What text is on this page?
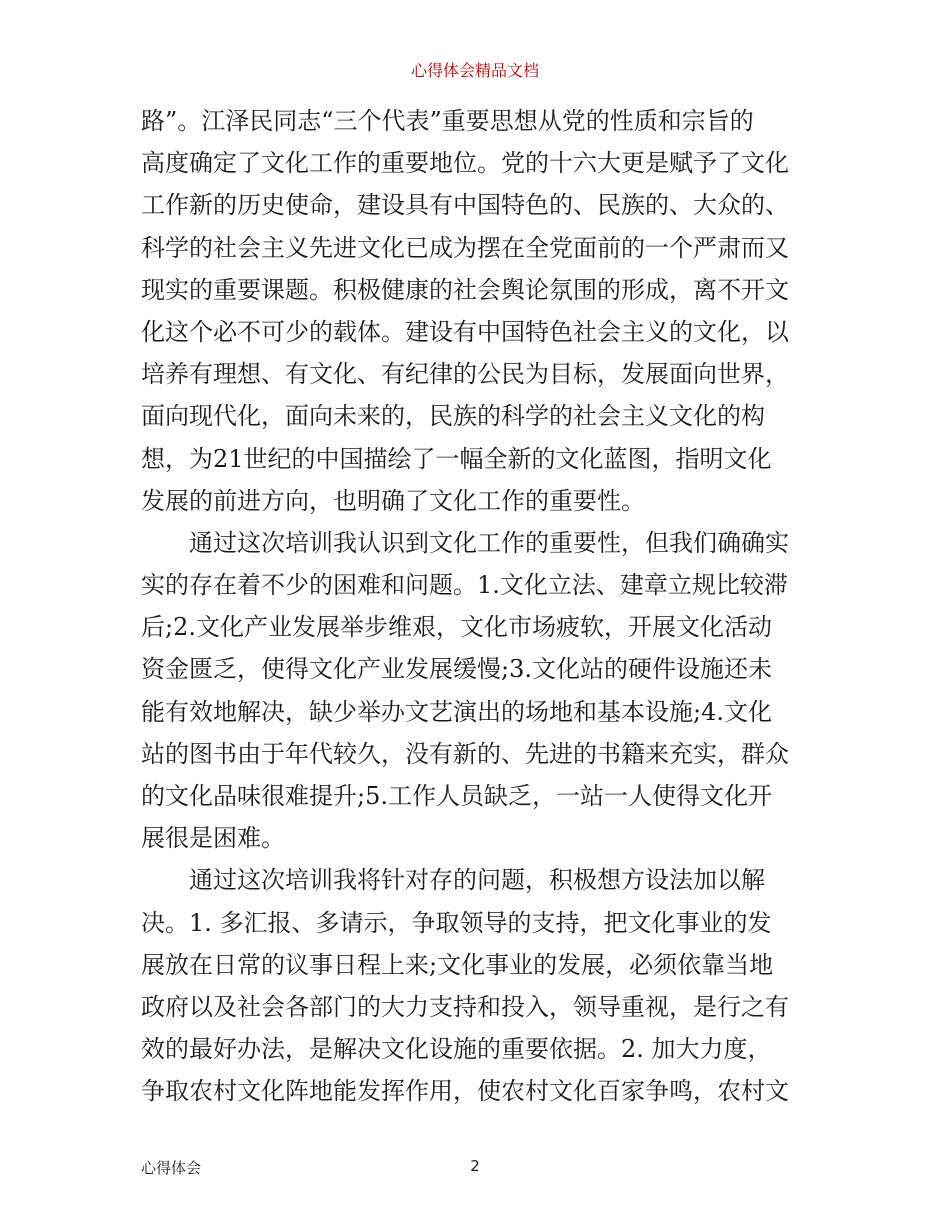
心得体会精品文档
路”。江泽民同志“三个代表”重要思想从党的性质和宗旨的
高度确定了文化工作的重要地位。党的十六大更是赋予了文化
工作新的历史使命，建设具有中国特色的、民族的、大众的、
科学的社会主义先进文化已成为摆在全党面前的一个严肃而又
现实的重要课题。积极健康的社会舆论氛围的形成，离不开文
化这个必不可少的载体。建设有中国特色社会主义的文化，以
培养有理想、有文化、有纪律的公民为目标，发展面向世界，
面向现代化，面向未来的，民族的科学的社会主义文化的构
想，为21世纪的中国描绘了一幅全新的文化蓝图，指明文化
发展的前进方向，也明确了文化工作的重要性。
通过这次培训我认识到文化工作的重要性，但我们确确实
实的存在着不少的困难和问题。1.文化立法、建章立规比较滞
后;2.文化产业发展举步维艰，文化市场疲软，开展文化活动
资金匮乏，使得文化产业发展缓慢;3.文化站的硬件设施还未
能有效地解决，缺少举办文艺演出的场地和基本设施;4.文化
站的图书由于年代较久，没有新的、先进的书籍来充实，群众
的文化品味很难提升;5.工作人员缺乏，一站一人使得文化开
展很是困难。
通过这次培训我将针对存的问题，积极想方设法加以解
决。1. 多汇报、多请示，争取领导的支持，把文化事业的发
展放在日常的议事日程上来;文化事业的发展，必须依靠当地
政府以及社会各部门的大力支持和投入，领导重视，是行之有
效的最好办法，是解决文化设施的重要依据。2. 加大力度，
争取农村文化阵地能发挥作用，使农村文化百家争鸣，农村文
心得体会	2
